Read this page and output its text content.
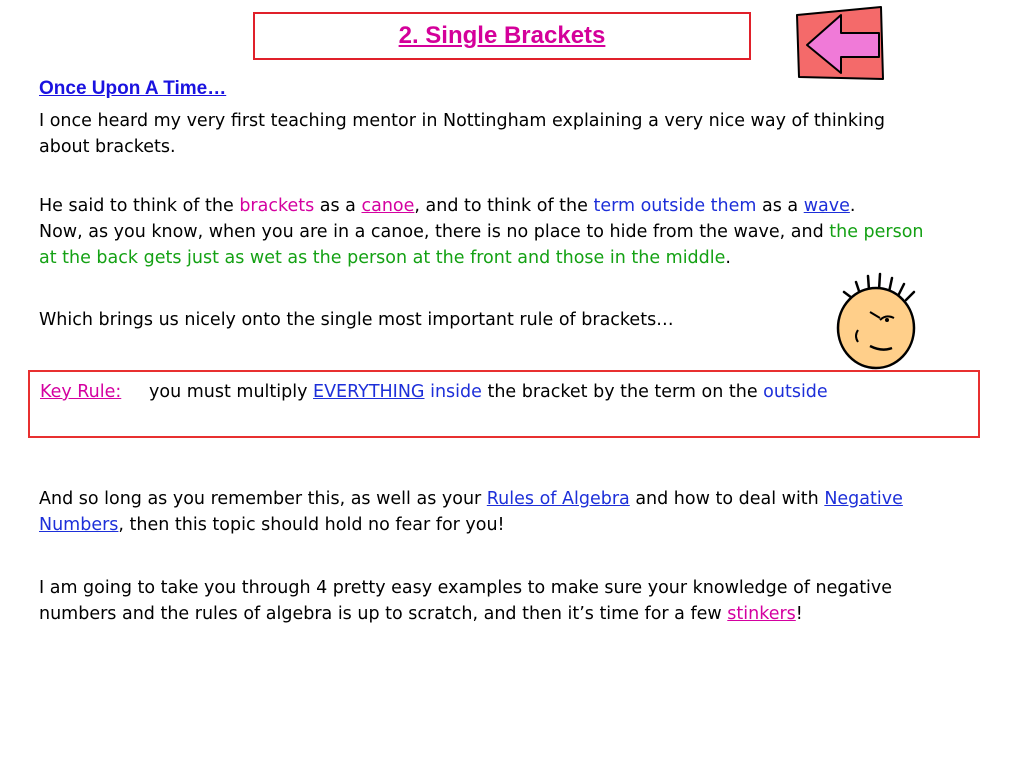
2. Single Brackets
Once Upon A Time…

I once heard my very first teaching mentor in Nottingham explaining a very nice way of thinking about brackets.

He said to think of the brackets as a canoe, and to think of the term outside them as a wave.
Now, as you know, when you are in a canoe, there is no place to hide from the wave, and the person at the back gets just as wet as the person at the front and those in the middle.

Which brings us nicely onto the single most important rule of brackets…

Key Rule: you must multiply EVERYTHING inside the bracket by the term on the outside

And so long as you remember this, as well as your Rules of Algebra and how to deal with Negative Numbers, then this topic should hold no fear for you!

I am going to take you through 4 pretty easy examples to make sure your knowledge of negative numbers and the rules of algebra is up to scratch, and then it’s time for a few stinkers!
